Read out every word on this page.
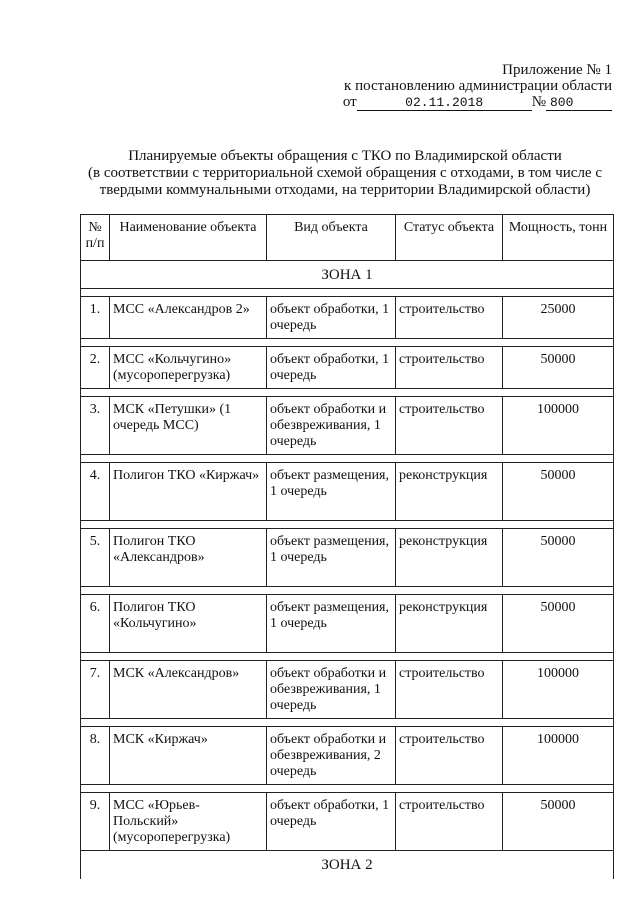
Приложение № 1
к постановлению администрации области
от	02.11.2018	№ 800
Планируемые объекты обращения с ТКО по Владимирской области
(в соответствии с территориальной схемой обращения с отходами, в том числе с
твердыми коммунальными отходами, на территории Владимирской области)
№ п/п	Наименование объекта	Вид объекта	Статус объекта	Мощность, тонн
ЗОНА 1				

1.	МСС «Александров 2»	объект обработки, 1 очередь	строительство	25000

2.	МСС «Кольчугино» (мусороперегрузка)	объект обработки, 1 очередь	строительство	50000

3.	МСК «Петушки» (1 очередь МСС)	объект обработки и обезвреживания, 1 очередь	строительство	100000

4.	Полигон ТКО «Киржач»	объект размещения, 1 очередь	реконструкция	50000

5.	Полигон ТКО «Александров»	объект размещения, 1 очередь	реконструкция	50000

6.	Полигон ТКО «Кольчугино»	объект размещения, 1 очередь	реконструкция	50000

7.	МСК «Александров»	объект обработки и обезвреживания, 1 очередь	строительство	100000

8.	МСК «Киржач»	объект обработки и обезвреживания, 2 очередь	строительство	100000

9.	МСС «Юрьев-Польский» (мусороперегрузка)	объект обработки, 1 очередь	строительство	50000
ЗОНА 2				
